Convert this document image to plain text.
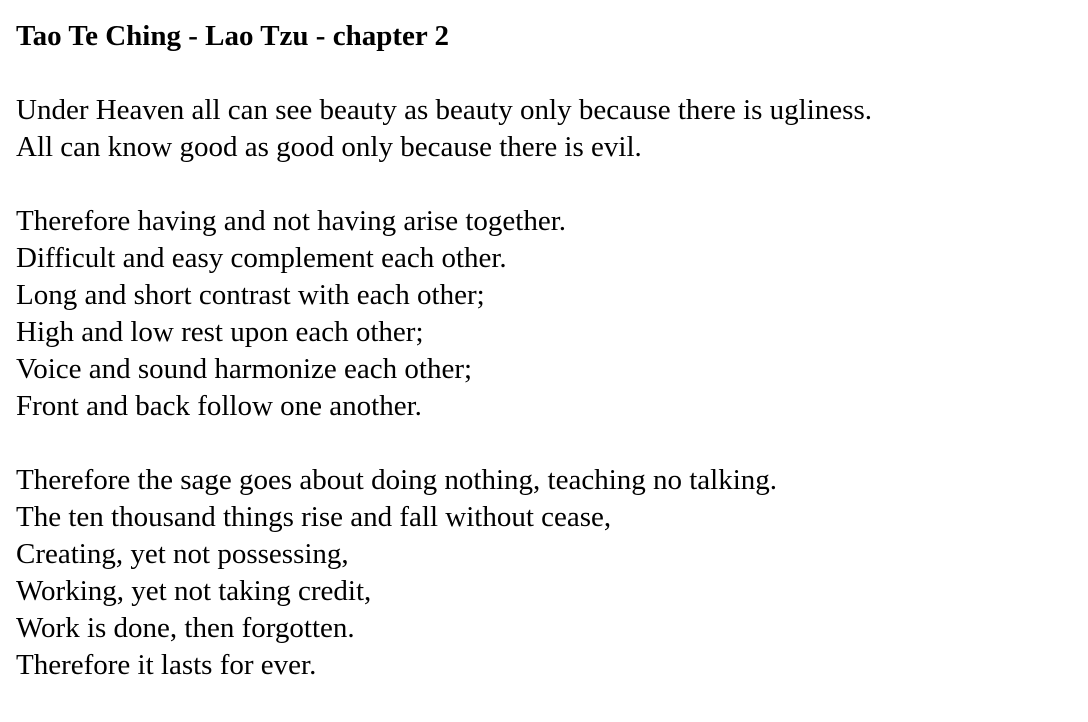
Tao Te Ching - Lao Tzu - chapter 2

Under Heaven all can see beauty as beauty only because there is ugliness.

All can know good as good only because there is evil.

Therefore having and not having arise together.

Difficult and easy complement each other.

Long and short contrast with each other;

High and low rest upon each other;

Voice and sound harmonize each other;

Front and back follow one another.

Therefore the sage goes about doing nothing, teaching no talking.

The ten thousand things rise and fall without cease,

Creating, yet not possessing,

Working, yet not taking credit,

Work is done, then forgotten.

Therefore it lasts for ever.
